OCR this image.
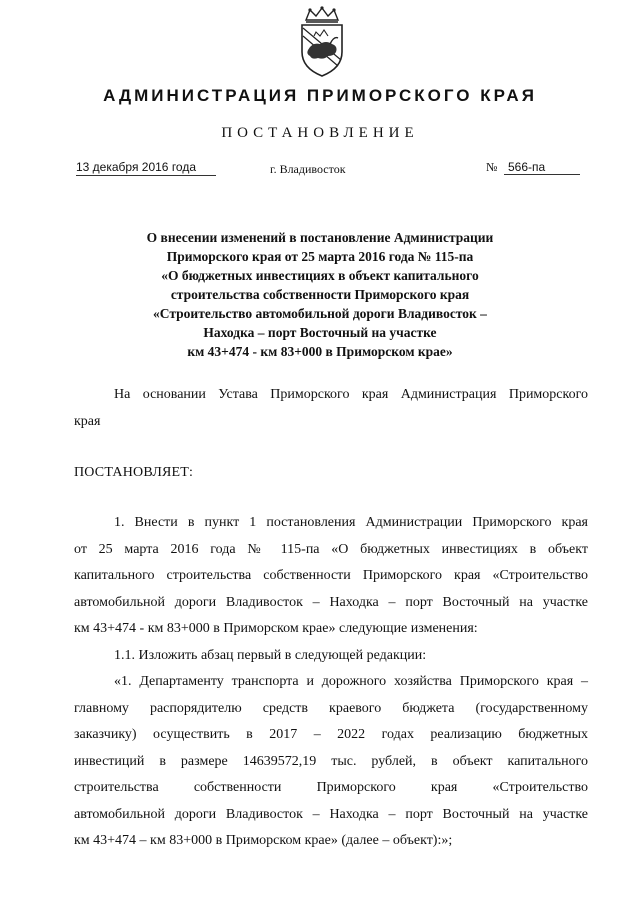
АДМИНИСТРАЦИЯ ПРИМОРСКОГО КРАЯ
ПОСТАНОВЛЕНИЕ
13 декабря 2016 года	г. Владивосток	№ 566-па
О внесении изменений в постановление Администрации
Приморского края от 25 марта 2016 года № 115-па
«О бюджетных инвестициях в объект капитального
строительства собственности Приморского края
«Строительство автомобильной дороги Владивосток –
Находка – порт Восточный на участке
км 43+474 - км 83+000 в Приморском крае»
На основании Устава Приморского края Администрация Приморского
края
ПОСТАНОВЛЯЕТ:
1. Внести в пункт 1 постановления Администрации Приморского края
от 25 марта 2016 года № 115-па «О бюджетных инвестициях в объект
капитального строительства собственности Приморского края «Строительство
автомобильной дороги Владивосток – Находка – порт Восточный на участке
км 43+474 - км 83+000 в Приморском крае» следующие изменения:
1.1. Изложить абзац первый в следующей редакции:
«1. Департаменту транспорта и дорожного хозяйства Приморского края –
главному распорядителю средств краевого бюджета (государственному
заказчику) осуществить в 2017 – 2022 годах реализацию бюджетных
инвестиций в размере 14639572,19 тыс. рублей, в объект капитального
строительства собственности Приморского края «Строительство
автомобильной дороги Владивосток – Находка – порт Восточный на участке
км 43+474 – км 83+000 в Приморском крае» (далее – объект):»;
